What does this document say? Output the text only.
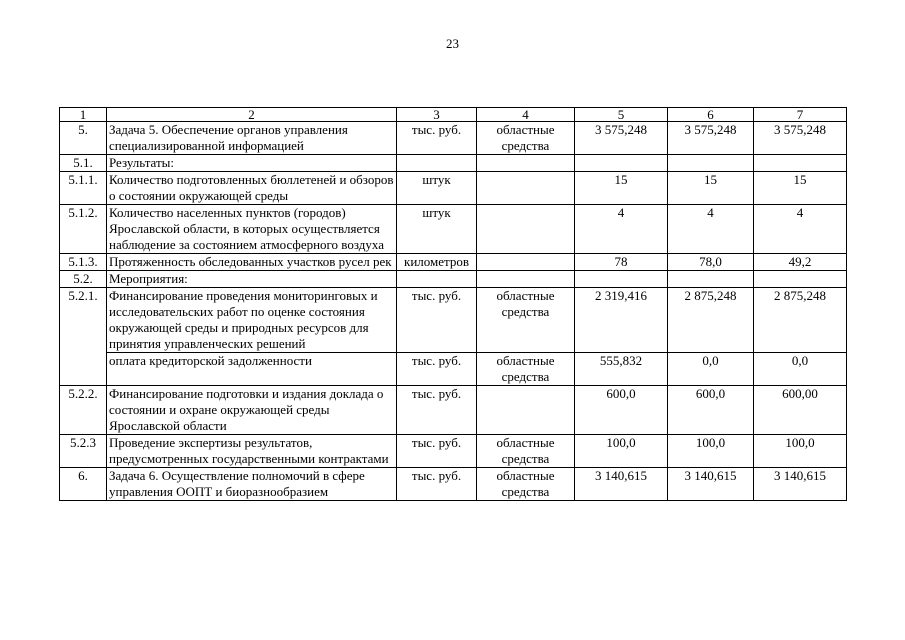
23
1	2	3	4	5	6	7
5.	Задача 5. Обеспечение органов управления специализированной информацией	тыс. руб.	областные средства	3 575,248	3 575,248	3 575,248
5.1.	Результаты:					
5.1.1.	Количество подготовленных бюллетеней и обзоров о состоянии окружающей среды	штук		15	15	15
5.1.2.	Количество населенных пунктов (городов) Ярославской области, в которых осуществляется наблюдение за состоянием атмосферного воздуха	штук		4	4	4
5.1.3.	Протяженность обследованных участков русел рек	километров		78	78,0	49,2
5.2.	Мероприятия:					
5.2.1.	Финансирование проведения мониторинговых и исследовательских работ по оценке состояния окружающей среды и природных ресурсов для принятия управленческих решений	тыс. руб.	областные средства	2 319,416	2 875,248	2 875,248
	оплата кредиторской задолженности	тыс. руб.	областные средства	555,832	0,0	0,0
5.2.2.	Финансирование подготовки и издания доклада о состоянии и охране окружающей среды Ярославской области	тыс. руб.		600,0	600,0	600,00
5.2.3	Проведение экспертизы результатов, предусмотренных государственными контрактами	тыс. руб.	областные средства	100,0	100,0	100,0
6.	Задача 6. Осуществление полномочий в сфере управления ООПТ и биоразнообразием	тыс. руб.	областные средства	3 140,615	3 140,615	3 140,615
